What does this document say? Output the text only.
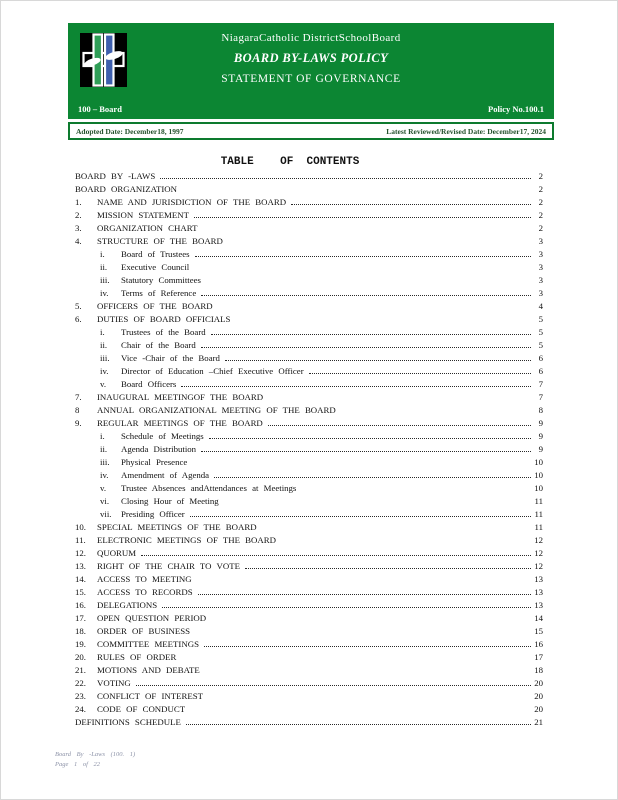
NiagaraCatholic DistrictSchoolBoard
BOARD BY-LAWS POLICY
STATEMENT OF GOVERNANCE
100 – Board	Policy No.100.1
Adopted Date: December18, 1997	Latest Reviewed/Revised Date: December17, 2024
TABLE    OF  CONTENTS
BOARD BY -LAWS	2
BOARD ORGANIZATION	2
1.	NAME AND JURISDICTION OF THE BOARD	2
2.	MISSION STATEMENT	2
3.	ORGANIZATION CHART	2
4.	STRUCTURE OF THE BOARD	3
i.	Board of Trustees	3
ii.	Executive Council	3
iii.	Statutory Committees	3
iv.	Terms of Reference	3
5.	OFFICERS OF THE BOARD	4
6.	DUTIES OF BOARD OFFICIALS	5
i.	Trustees of the Board	5
ii.	Chair of the Board	5
iii.	Vice -Chair of the Board	6
iv.	Director of Education –Chief Executive Officer	6
v.	Board Officers	7
7.	INAUGURAL MEETINGOF THE BOARD	7
8	ANNUAL ORGANIZATIONAL MEETING OF THE BOARD	8
9.	REGULAR MEETINGS OF THE BOARD	9
i.	Schedule of Meetings	9
ii.	Agenda Distribution	9
iii.	Physical Presence	10
iv.	Amendment of Agenda	10
v.	Trustee Absences andAttendances at Meetings	10
vi.	Closing Hour of Meeting	11
vii.	Presiding Officer	11
10.	SPECIAL MEETINGS OF THE BOARD	11
11.	ELECTRONIC MEETINGS OF THE BOARD	12
12.	QUORUM	12
13.	RIGHT OF THE CHAIR TO VOTE	12
14.	ACCESS TO MEETING	13
15.	ACCESS TO RECORDS	13
16.	DELEGATIONS	13
17.	OPEN QUESTION PERIOD	14
18.	ORDER OF BUSINESS	15
19.	COMMITTEE MEETINGS	16
20.	RULES OF ORDER	17
21.	MOTIONS AND DEBATE	18
22.	VOTING	20
23.	CONFLICT OF INTEREST	20
24.	CODE OF CONDUCT	20
DEFINITIONS SCHEDULE	21
Board By -Laws (100. 1)
Page 1 of 22
